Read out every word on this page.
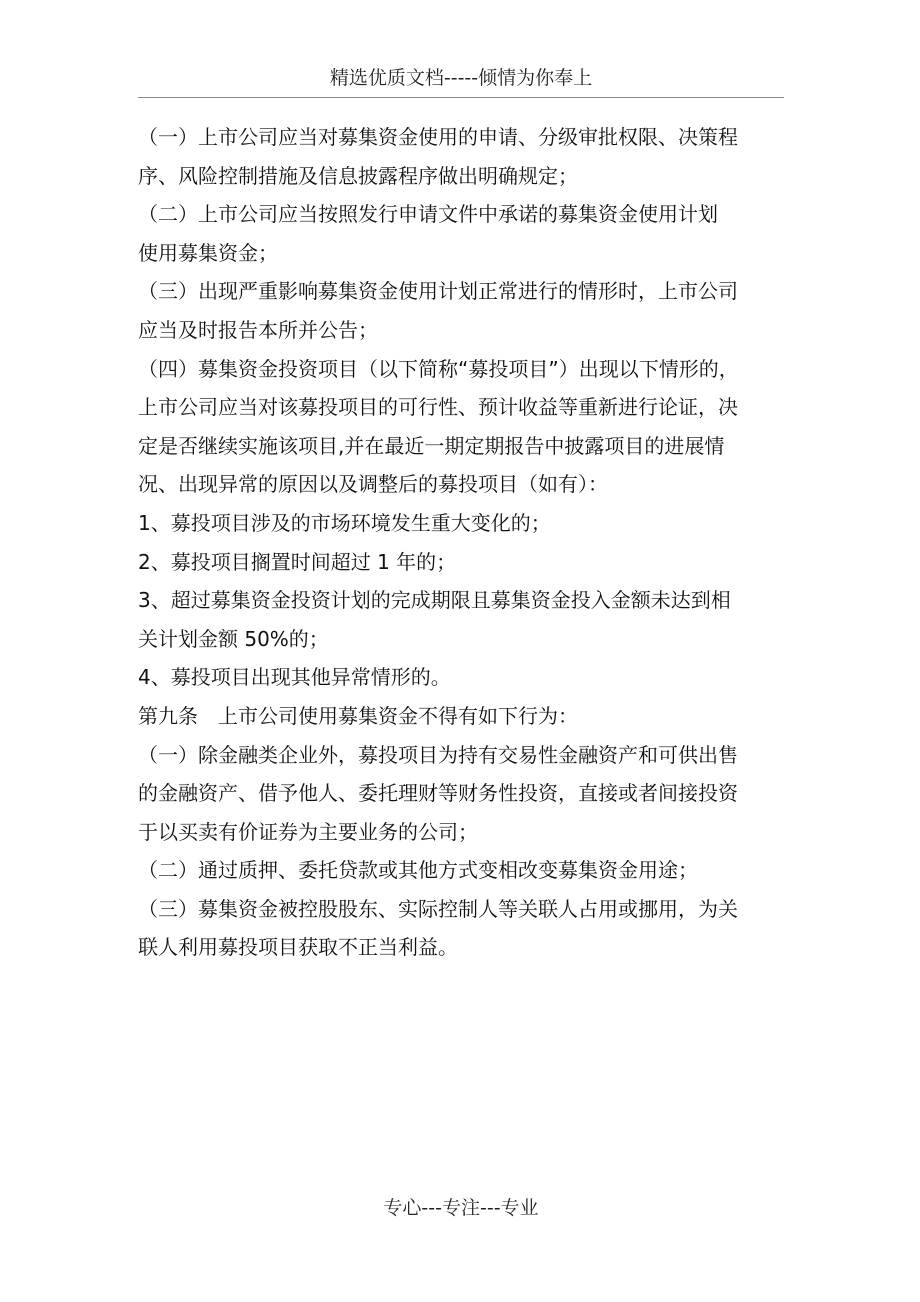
精选优质文档-----倾情为你奉上
（一）上市公司应当对募集资金使用的申请、分级审批权限、决策程
序、风险控制措施及信息披露程序做出明确规定；
（二）上市公司应当按照发行申请文件中承诺的募集资金使用计划
使用募集资金；
（三）出现严重影响募集资金使用计划正常进行的情形时，上市公司
应当及时报告本所并公告；
（四）募集资金投资项目（以下简称“募投项目”）出现以下情形的，
上市公司应当对该募投项目的可行性、预计收益等重新进行论证，决
定是否继续实施该项目,并在最近一期定期报告中披露项目的进展情
况、出现异常的原因以及调整后的募投项目（如有）：
1、募投项目涉及的市场环境发生重大变化的；
2、募投项目搁置时间超过 1 年的；
3、超过募集资金投资计划的完成期限且募集资金投入金额未达到相
关计划金额 50%的；
4、募投项目出现其他异常情形的。
第九条　上市公司使用募集资金不得有如下行为：
（一）除金融类企业外，募投项目为持有交易性金融资产和可供出售
的金融资产、借予他人、委托理财等财务性投资，直接或者间接投资
于以买卖有价证券为主要业务的公司；
（二）通过质押、委托贷款或其他方式变相改变募集资金用途；
（三）募集资金被控股股东、实际控制人等关联人占用或挪用，为关
联人利用募投项目获取不正当利益。
专心---专注---专业
